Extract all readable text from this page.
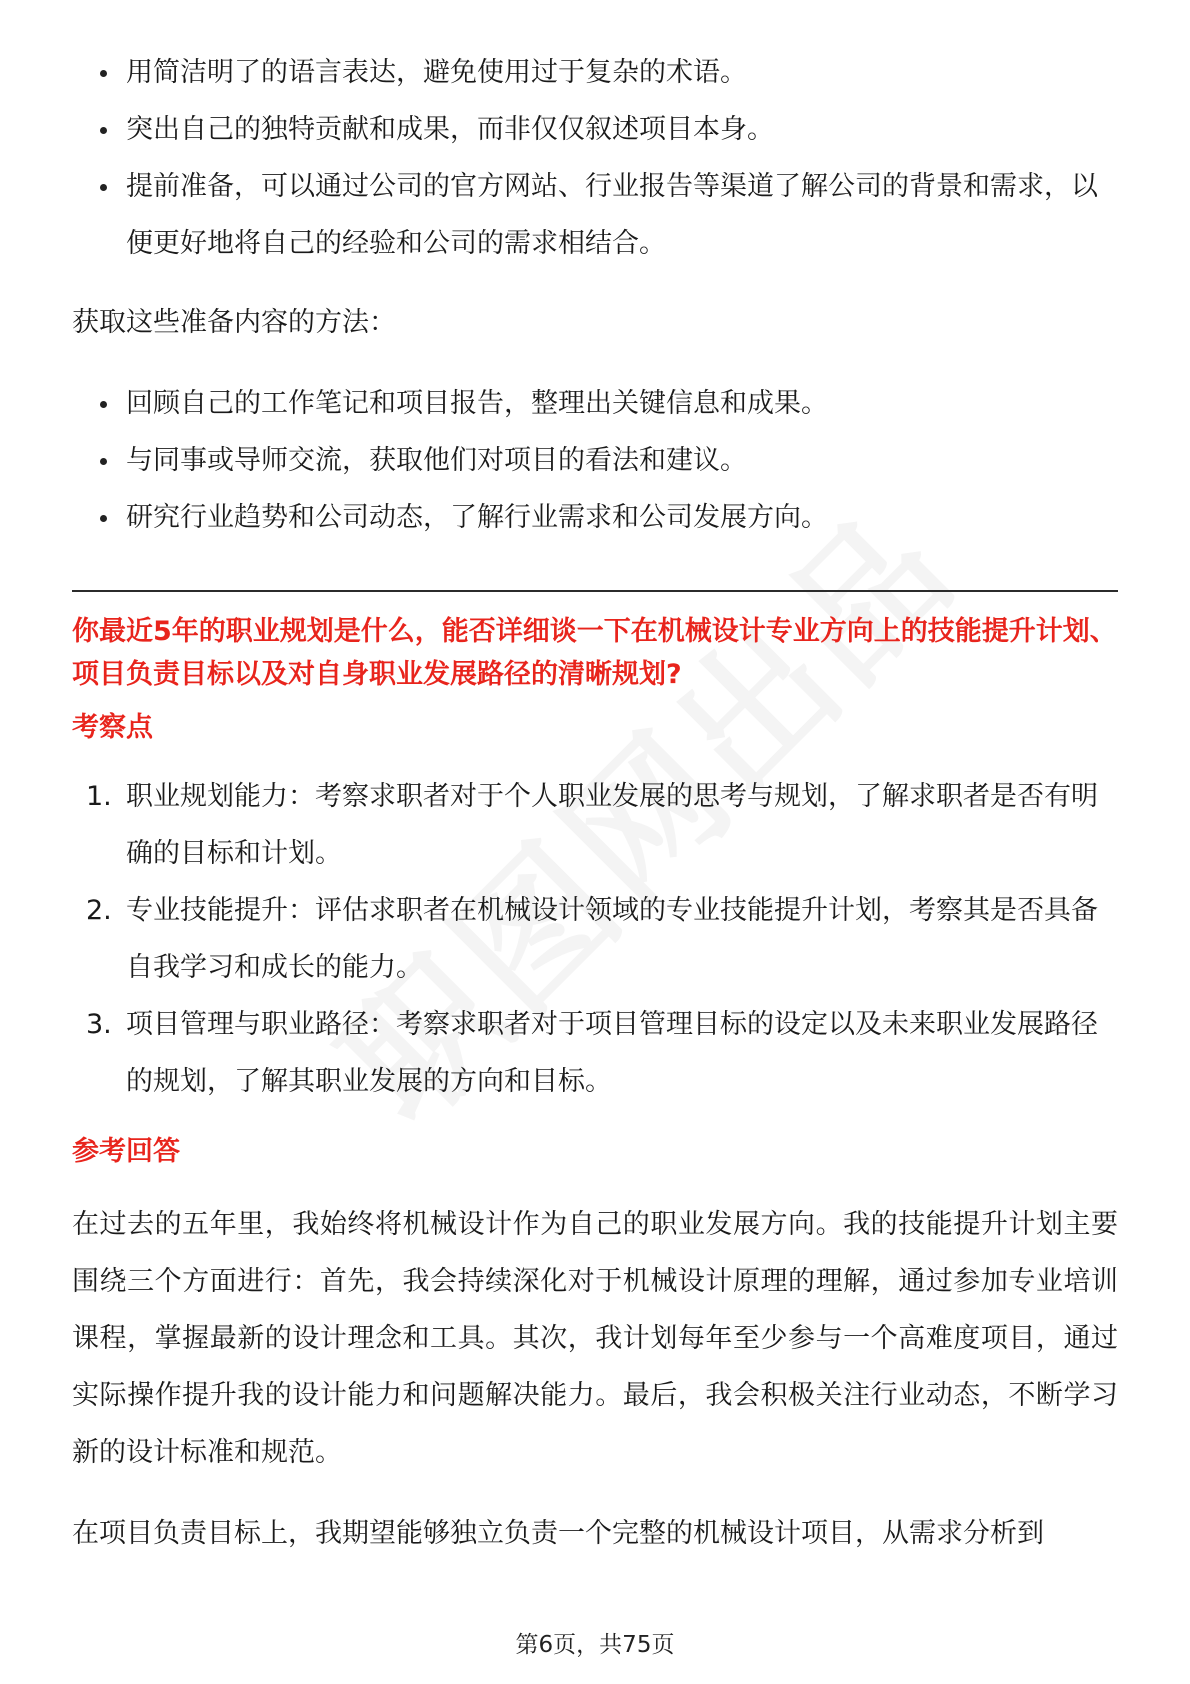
用简洁明了的语言表达，避免使用过于复杂的术语。
突出自己的独特贡献和成果，而非仅仅叙述项目本身。
提前准备，可以通过公司的官方网站、行业报告等渠道了解公司的背景和需求，以便更好地将自己的经验和公司的需求相结合。
获取这些准备内容的方法：
回顾自己的工作笔记和项目报告，整理出关键信息和成果。
与同事或导师交流，获取他们对项目的看法和建议。
研究行业趋势和公司动态，了解行业需求和公司发展方向。

你最近5年的职业规划是什么，能否详细谈一下在机械设计专业方向上的技能提升计划、项目负责目标以及对自身职业发展路径的清晰规划?

考察点
1. 职业规划能力：考察求职者对于个人职业发展的思考与规划，了解求职者是否有明确的目标和计划。
2. 专业技能提升：评估求职者在机械设计领域的专业技能提升计划，考察其是否具备自我学习和成长的能力。
3. 项目管理与职业路径：考察求职者对于项目管理目标的设定以及未来职业发展路径的规划，了解其职业发展的方向和目标。
参考回答

在过去的五年里，我始终将机械设计作为自己的职业发展方向。我的技能提升计划主要围绕三个方面进行：首先，我会持续深化对于机械设计原理的理解，通过参加专业培训课程，掌握最新的设计理念和工具。其次，我计划每年至少参与一个高难度项目，通过实际操作提升我的设计能力和问题解决能力。最后，我会积极关注行业动态，不断学习新的设计标准和规范。

在项目负责目标上，我期望能够独立负责一个完整的机械设计项目，从需求分析到

第6页，共75页
